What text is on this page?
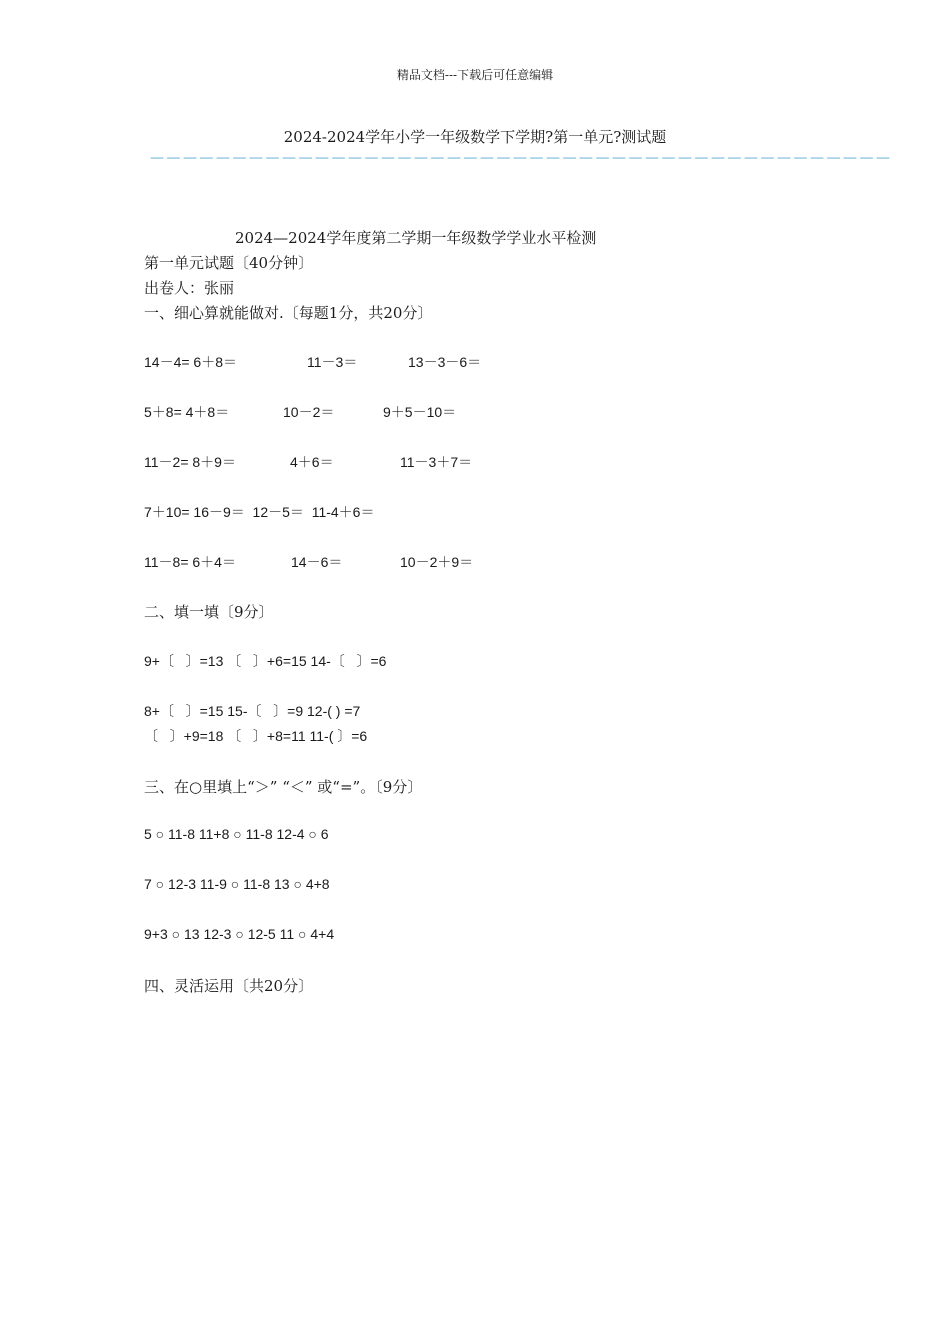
精品文档---下载后可任意编辑
2024-2024学年小学一年级数学下学期?第一单元?测试题
—————————————————————————————————————————————
2024—2024学年度第二学期一年级数学学业水平检测
第一单元试题〔40分钟〕
出卷人：张丽
一、细心算就能做对.〔每题1分，共20分〕
14－4= 6＋8＝	11－3＝	13－3－6＝
5＋8= 4＋8＝	10－2＝	9＋5－10＝
11－2= 8＋9＝	4＋6＝	11－3＋7＝
7＋10= 16－9＝  12－5＝  11-4＋6＝
11－8= 6＋4＝	14－6＝	10－2＋9＝
二、填一填〔9分〕
9+〔   〕=13 〔   〕+6=15 14-〔   〕=6
8+〔   〕=15 15-〔   〕=9 12-( ) =7
〔   〕+9=18 〔   〕+8=11 11-( 〕=6
三、在○里填上“＞” “＜” 或“=”。〔9分〕
5 ○ 11-8 11+8 ○ 11-8 12-4 ○ 6
7 ○ 12-3 11-9 ○ 11-8 13 ○ 4+8
9+3 ○ 13 12-3 ○ 12-5 11 ○ 4+4
四、灵活运用〔共20分〕
